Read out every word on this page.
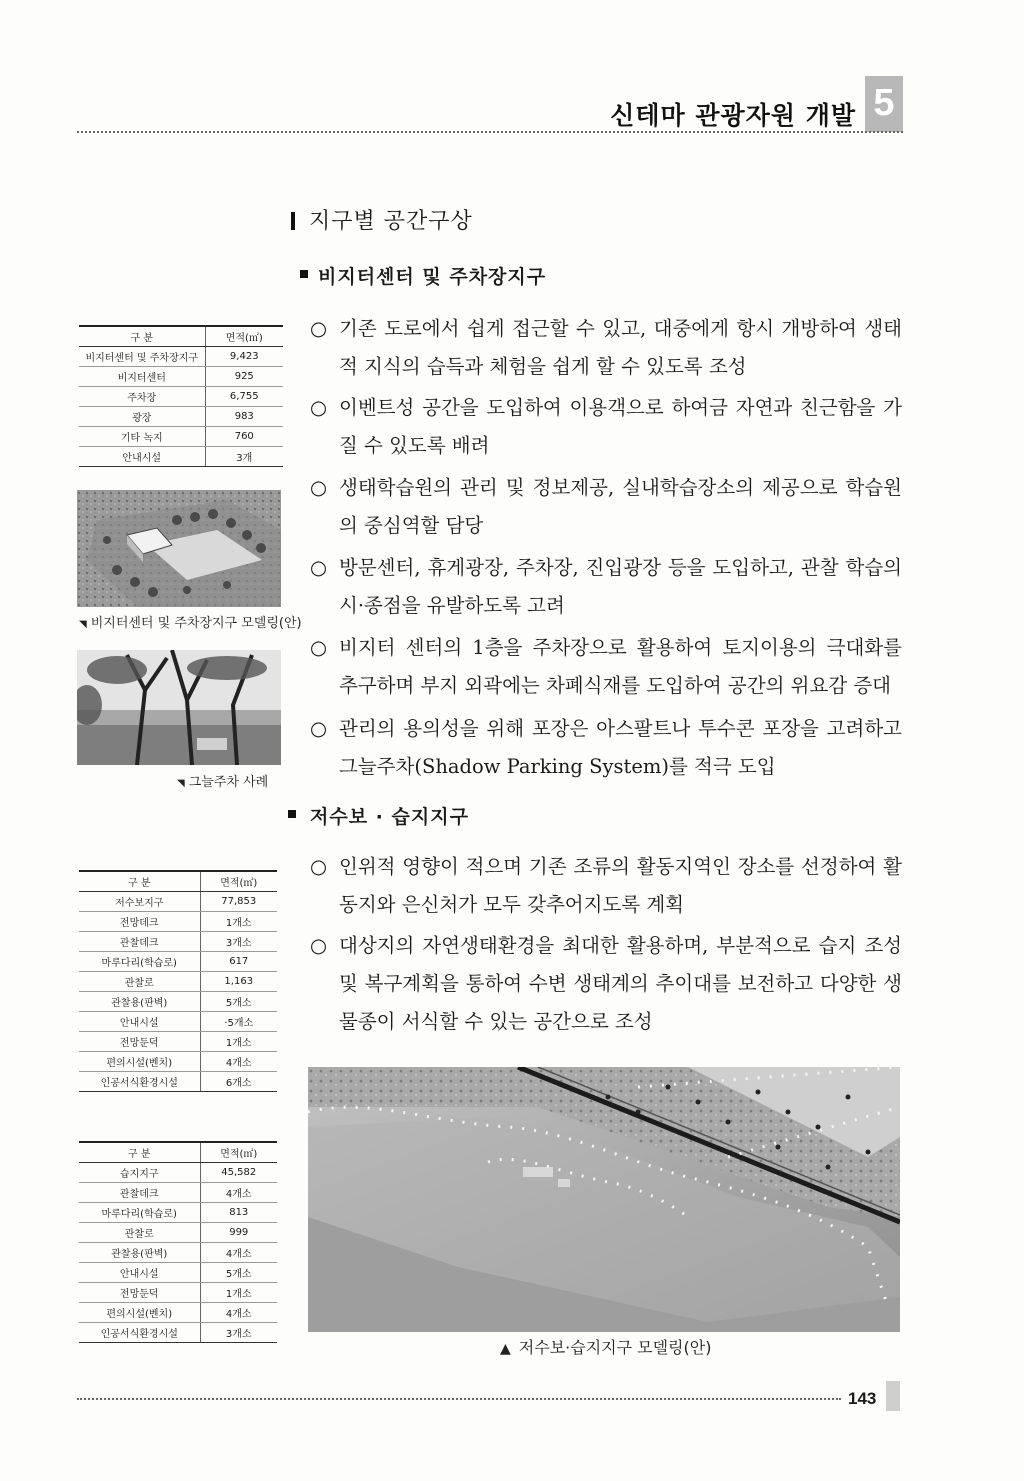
신테마 관광자원 개발 5
지구별 공간구상
비지터센터 및 주차장지구
○ 기존 도로에서 쉽게 접근할 수 있고, 대중에게 항시 개방하여 생태적 지식의 습득과 체험을 쉽게 할 수 있도록 조성
○ 이벤트성 공간을 도입하여 이용객으로 하여금 자연과 친근함을 가질 수 있도록 배려
○ 생태학습원의 관리 및 정보제공, 실내학습장소의 제공으로 학습원의 중심역할 담당
○ 방문센터, 휴게광장, 주차장, 진입광장 등을 도입하고, 관찰 학습의 시·종점을 유발하도록 고려
○ 비지터 센터의 1층을 주차장으로 활용하여 토지이용의 극대화를 추구하며 부지 외곽에는 차폐식재를 도입하여 공간의 위요감 증대
○ 관리의 용의성을 위해 포장은 아스팔트나 투수콘 포장을 고려하고 그늘주차(Shadow Parking System)를 적극 도입
저수보 · 습지지구
○ 인위적 영향이 적으며 기존 조류의 활동지역인 장소를 선정하여 활동지와 은신처가 모두 갖추어지도록 계획
○ 대상지의 자연생태환경을 최대한 활용하며, 부분적으로 습지 조성 및 복구계획을 통하여 수변 생태계의 추이대를 보전하고 다양한 생물종이 서식할 수 있는 공간으로 조성
구 분	면적(㎡)
비지터센터 및 주차장지구	9,423
비지터센터	925
주차장	6,755
광장	983
기타 녹지	760
안내시설	3개
◥ 비지터센터 및 주차장지구 모델링(안)
◥ 그늘주차 사례
구 분	면적(㎡)
저수보지구	77,853
전망데크	1개소
관찰데크	3개소
마루다리(학습로)	617
관찰로	1,163
관찰용(판벽)	5개소
안내시설	·5개소
전망둔덕	1개소
편의시설(벤치)	4개소
인공서식환경시설	6개소
구 분	면적(㎡)
습지지구	45,582
관찰데크	4개소
마루다리(학습로)	813
관찰로	999
관찰용(판벽)	4개소
안내시설	5개소
전망둔덕	1개소
편의시설(벤치)	4개소
인공서식환경시설	3개소
▲ 저수보·습지지구 모델링(안)
143
